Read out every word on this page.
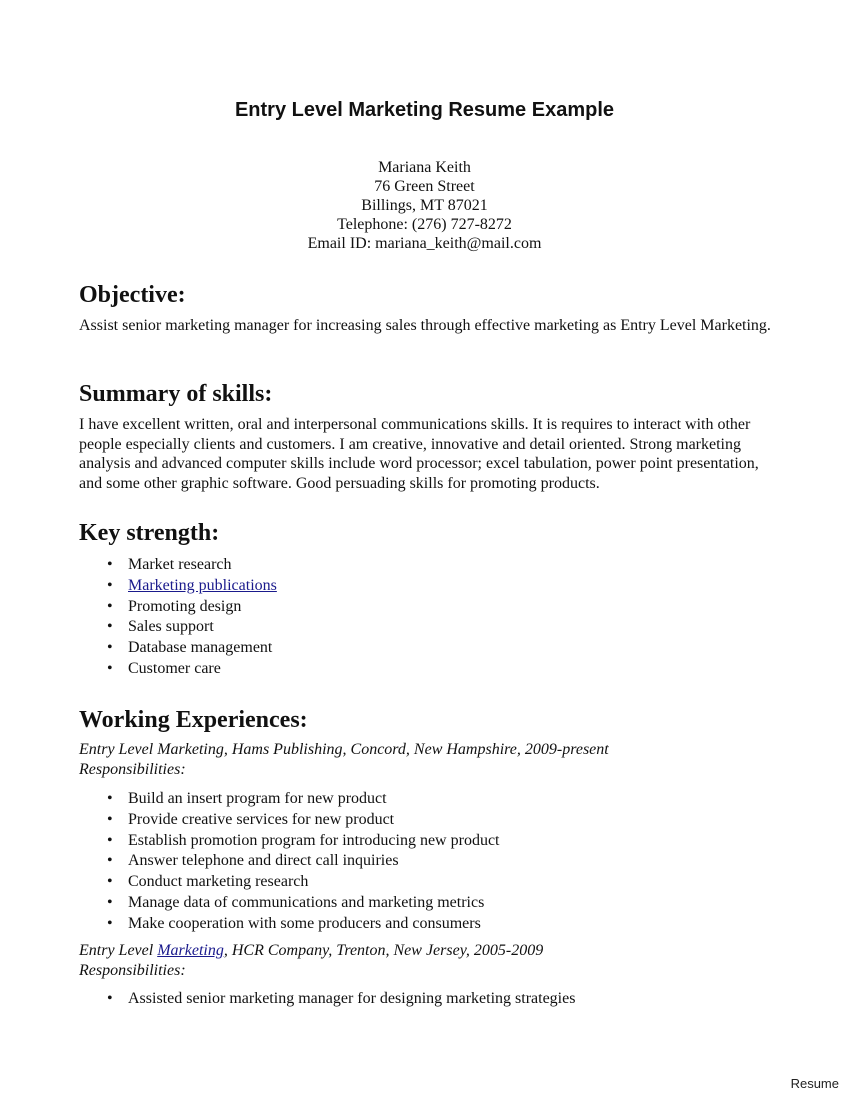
Entry Level Marketing Resume Example
Mariana Keith
76 Green Street
Billings, MT 87021
Telephone: (276) 727-8272
Email ID: mariana_keith@mail.com
Objective:

Assist senior marketing manager for increasing sales through effective marketing as Entry Level Marketing.

Summary of skills:

I have excellent written, oral and interpersonal communications skills. It is requires to interact with other people especially clients and customers. I am creative, innovative and detail oriented. Strong marketing analysis and advanced computer skills include word processor; excel tabulation, power point presentation, and some other graphic software. Good persuading skills for promoting products.

Key strength:
• Market research
• Marketing publications
• Promoting design
• Sales support
• Database management
• Customer care
Working Experiences:
Entry Level Marketing, Hams Publishing, Concord, New Hampshire, 2009-present
Responsibilities:
• Build an insert program for new product
• Provide creative services for new product
• Establish promotion program for introducing new product
• Answer telephone and direct call inquiries
• Conduct marketing research
• Manage data of communications and marketing metrics
• Make cooperation with some producers and consumers
Entry Level Marketing, HCR Company, Trenton, New Jersey, 2005-2009
Responsibilities:
• Assisted senior marketing manager for designing marketing strategies
Resume
